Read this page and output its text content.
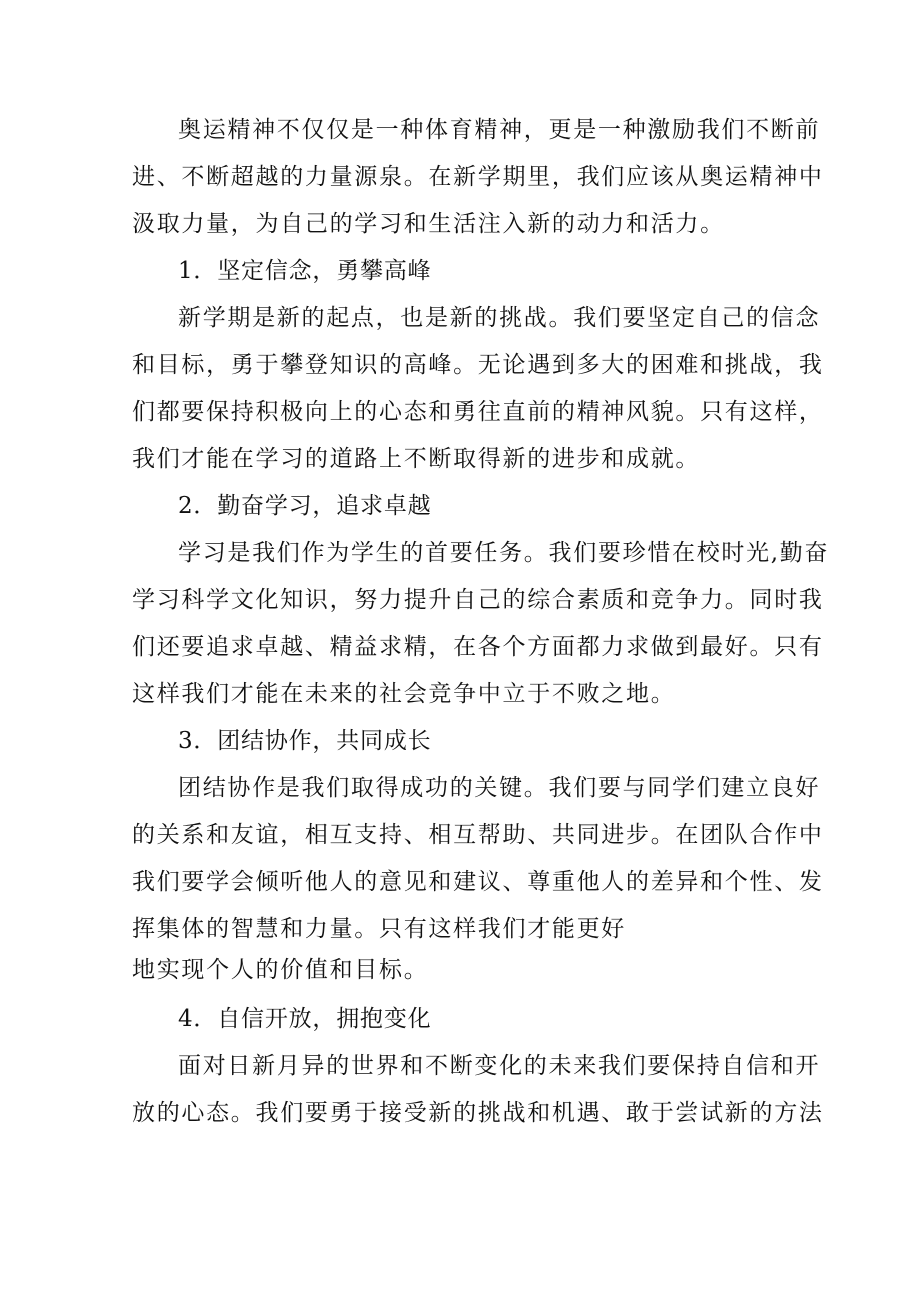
奥运精神不仅仅是一种体育精神，更是一种激励我们不断前
进、不断超越的力量源泉。在新学期里，我们应该从奥运精神中
汲取力量，为自己的学习和生活注入新的动力和活力。
1．坚定信念，勇攀高峰
新学期是新的起点，也是新的挑战。我们要坚定自己的信念
和目标，勇于攀登知识的高峰。无论遇到多大的困难和挑战，我
们都要保持积极向上的心态和勇往直前的精神风貌。只有这样，
我们才能在学习的道路上不断取得新的进步和成就。
2．勤奋学习，追求卓越
学习是我们作为学生的首要任务。我们要珍惜在校时光,勤奋
学习科学文化知识，努力提升自己的综合素质和竞争力。同时我
们还要追求卓越、精益求精，在各个方面都力求做到最好。只有
这样我们才能在未来的社会竞争中立于不败之地。
3．团结协作，共同成长
团结协作是我们取得成功的关键。我们要与同学们建立良好
的关系和友谊，相互支持、相互帮助、共同进步。在团队合作中
我们要学会倾听他人的意见和建议、尊重他人的差异和个性、发
挥集体的智慧和力量。只有这样我们才能更好
地实现个人的价值和目标。
4．自信开放，拥抱变化
面对日新月异的世界和不断变化的未来我们要保持自信和开
放的心态。我们要勇于接受新的挑战和机遇、敢于尝试新的方法
